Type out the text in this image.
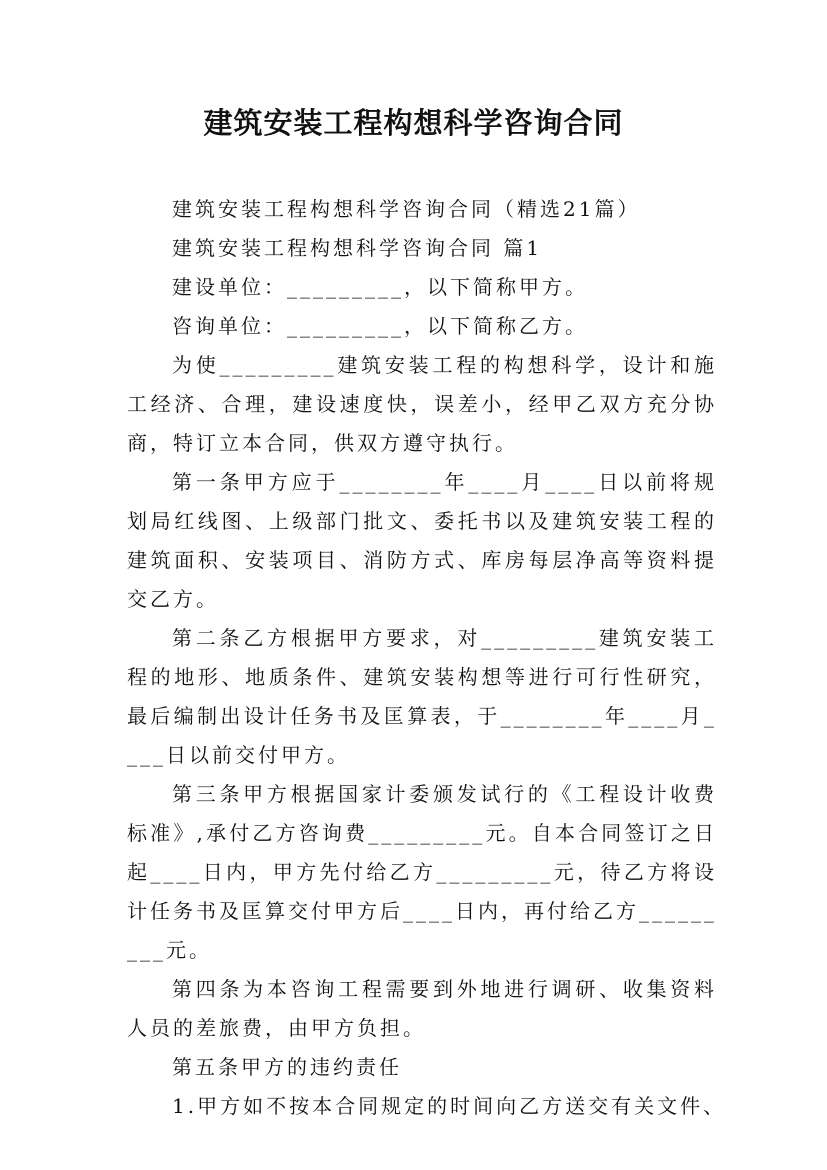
建筑安装工程构想科学咨询合同

建筑安装工程构想科学咨询合同（精选21篇）

建筑安装工程构想科学咨询合同 篇1

建设单位：_________，以下简称甲方。

咨询单位：_________，以下简称乙方。

为使_________建筑安装工程的构想科学，设计和施工经济、合理，建设速度快，误差小，经甲乙双方充分协商，特订立本合同，供双方遵守执行。

第一条甲方应于________年____月____日以前将规划局红线图、上级部门批文、委托书以及建筑安装工程的建筑面积、安装项目、消防方式、库房每层净高等资料提交乙方。

第二条乙方根据甲方要求，对_________建筑安装工程的地形、地质条件、建筑安装构想等进行可行性研究，最后编制出设计任务书及匡算表，于________年____月____日以前交付甲方。

第三条甲方根据国家计委颁发试行的《工程设计收费标准》,承付乙方咨询费_________元。自本合同签订之日起____日内，甲方先付给乙方_________元，待乙方将设计任务书及匡算交付甲方后____日内，再付给乙方_________元。

第四条为本咨询工程需要到外地进行调研、收集资料人员的差旅费，由甲方负担。

第五条甲方的违约责任

1.甲方如不按本合同规定的时间向乙方送交有关文件、
